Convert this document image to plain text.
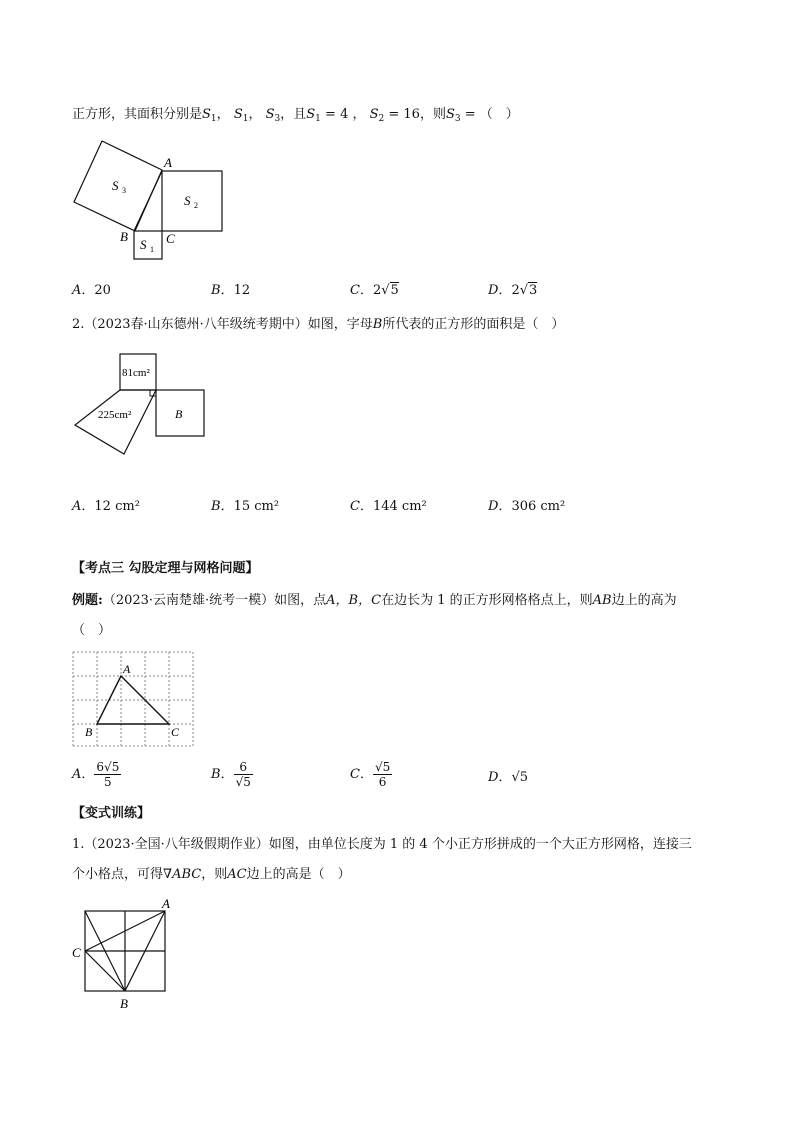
正方形，其面积分别是$S_1$， $S_1$， $S_3$，且$S_1 = 4$ ， $S_2 = 16$，则$S_3$ = （　）
A
B	C
S 3
S 2
S 1
A．20	B．12	C．2√5	D．2√3
2.（2023春·山东德州·八年级统考期中）如图，字母B所代表的正方形的面积是（　）
81cm²
225cm²	B
A．12 cm²	B．15 cm²	C．144 cm²	D．306 cm²
【考点三 勾股定理与网格问题】
例题:（2023·云南楚雄·统考一模）如图，点A，B，C在边长为 1 的正方形网格格点上，则AB边上的高为
（　）
A
B	C
A． $\frac{6√5}{5}$	B． $\frac{6}{√5}$	C． $\frac{√5}{6}$	D．√5
【变式训练】
1.（2023·全国·八年级假期作业）如图，由单位长度为 1 的 4 个小正方形拼成的一个大正方形网格，连接三
个小格点，可得∇ABC，则AC边上的高是（　）
A
C
B
